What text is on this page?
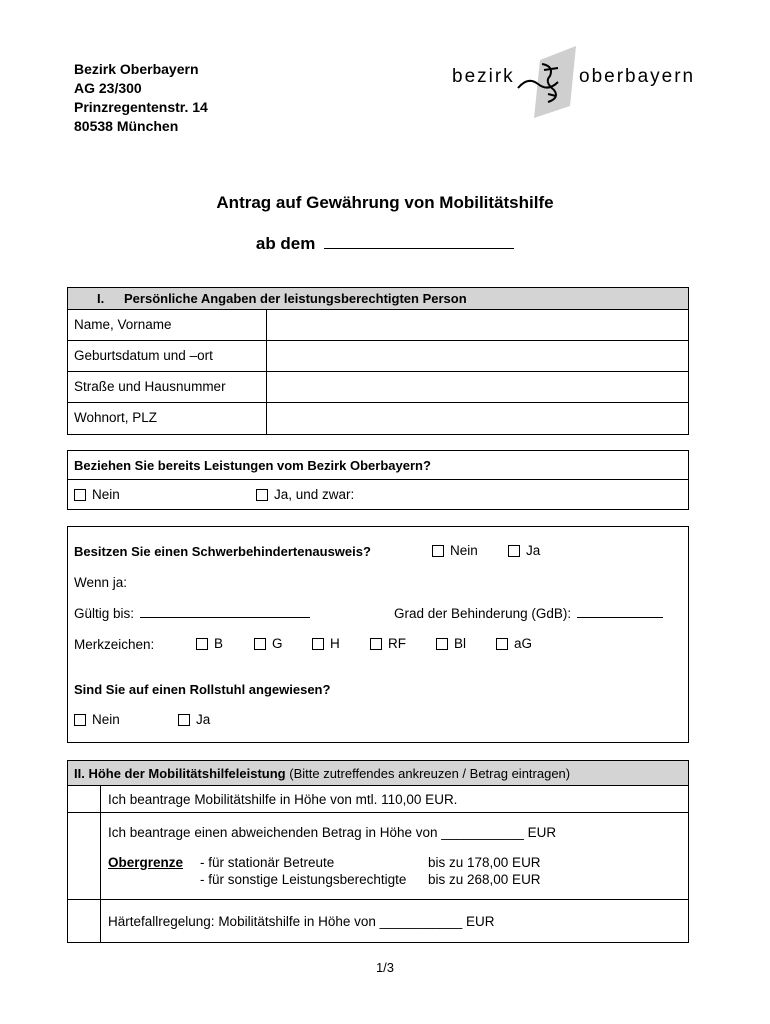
Bezirk Oberbayern
AG 23/300
Prinzregentenstr. 14
80538 München
bezirk	oberbayern
Antrag auf Gewährung von Mobilitätshilfe
ab dem
I. Persönliche Angaben der leistungsberechtigten Person
Name, Vorname
Geburtsdatum und –ort
Straße und Hausnummer
Wohnort, PLZ
Beziehen Sie bereits Leistungen vom Bezirk Oberbayern?
Nein	Ja, und zwar:
Besitzen Sie einen Schwerbehindertenausweis?	Nein	Ja
Wenn ja:
Gültig bis:	Grad der Behinderung (GdB):
Merkzeichen:	B	G	H	RF	Bl	aG
Sind Sie auf einen Rollstuhl angewiesen?
Nein	Ja
II. Höhe der Mobilitätshilfeleistung (Bitte zutreffendes ankreuzen / Betrag eintragen)
Ich beantrage Mobilitätshilfe in Höhe von mtl. 110,00 EUR.
Ich beantrage einen abweichenden Betrag in Höhe von ___________ EUR
Obergrenze - für stationär Betreute	bis zu 178,00 EUR
- für sonstige Leistungsberechtigte bis zu 268,00 EUR
Härtefallregelung: Mobilitätshilfe in Höhe von ___________ EUR
1/3
